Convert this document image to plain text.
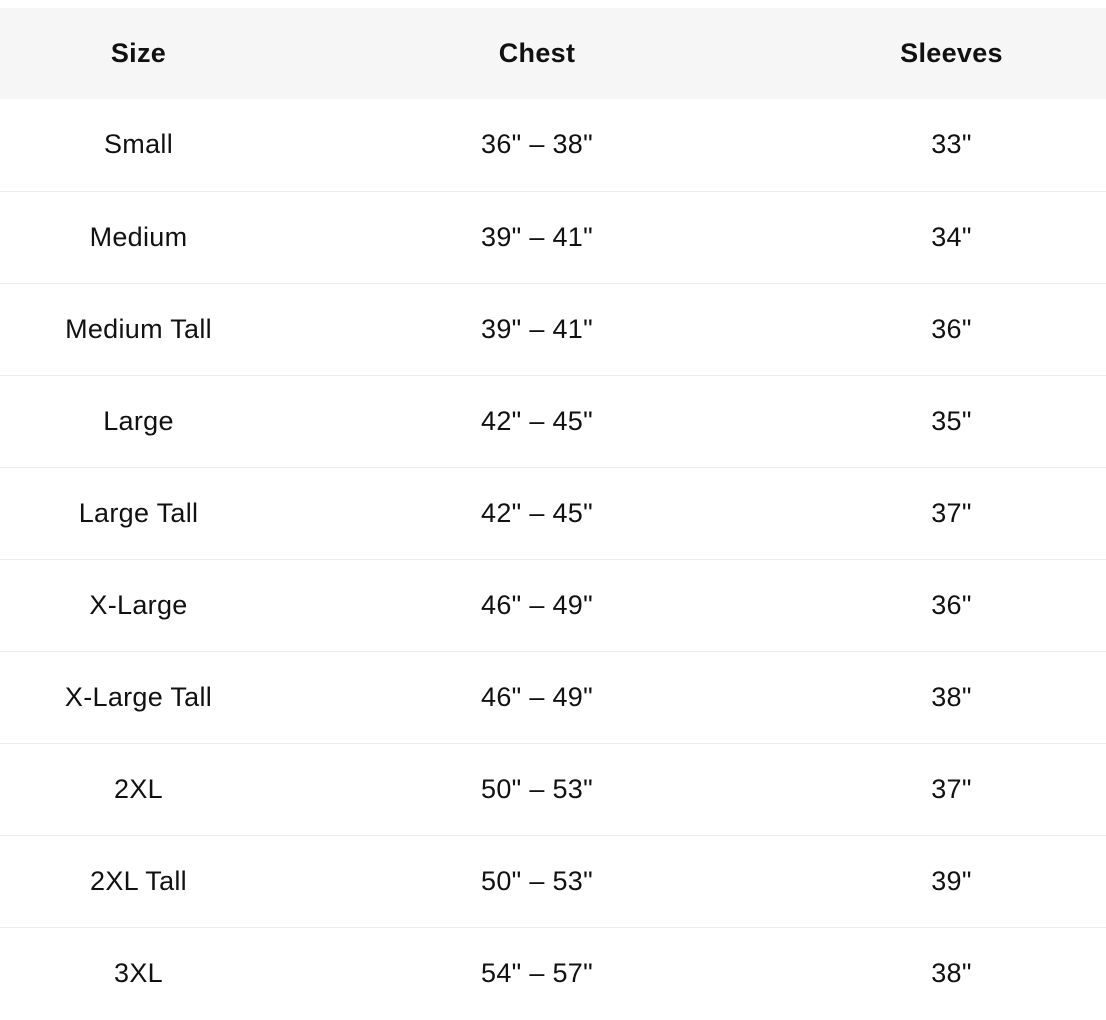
Size	Chest	Sleeves
Small	36" – 38"	33"
Medium	39" – 41"	34"
Medium Tall	39" – 41"	36"
Large	42" – 45"	35"
Large Tall	42" – 45"	37"
X-Large	46" – 49"	36"
X-Large Tall	46" – 49"	38"
2XL	50" – 53"	37"
2XL Tall	50" – 53"	39"
3XL	54" – 57"	38"
